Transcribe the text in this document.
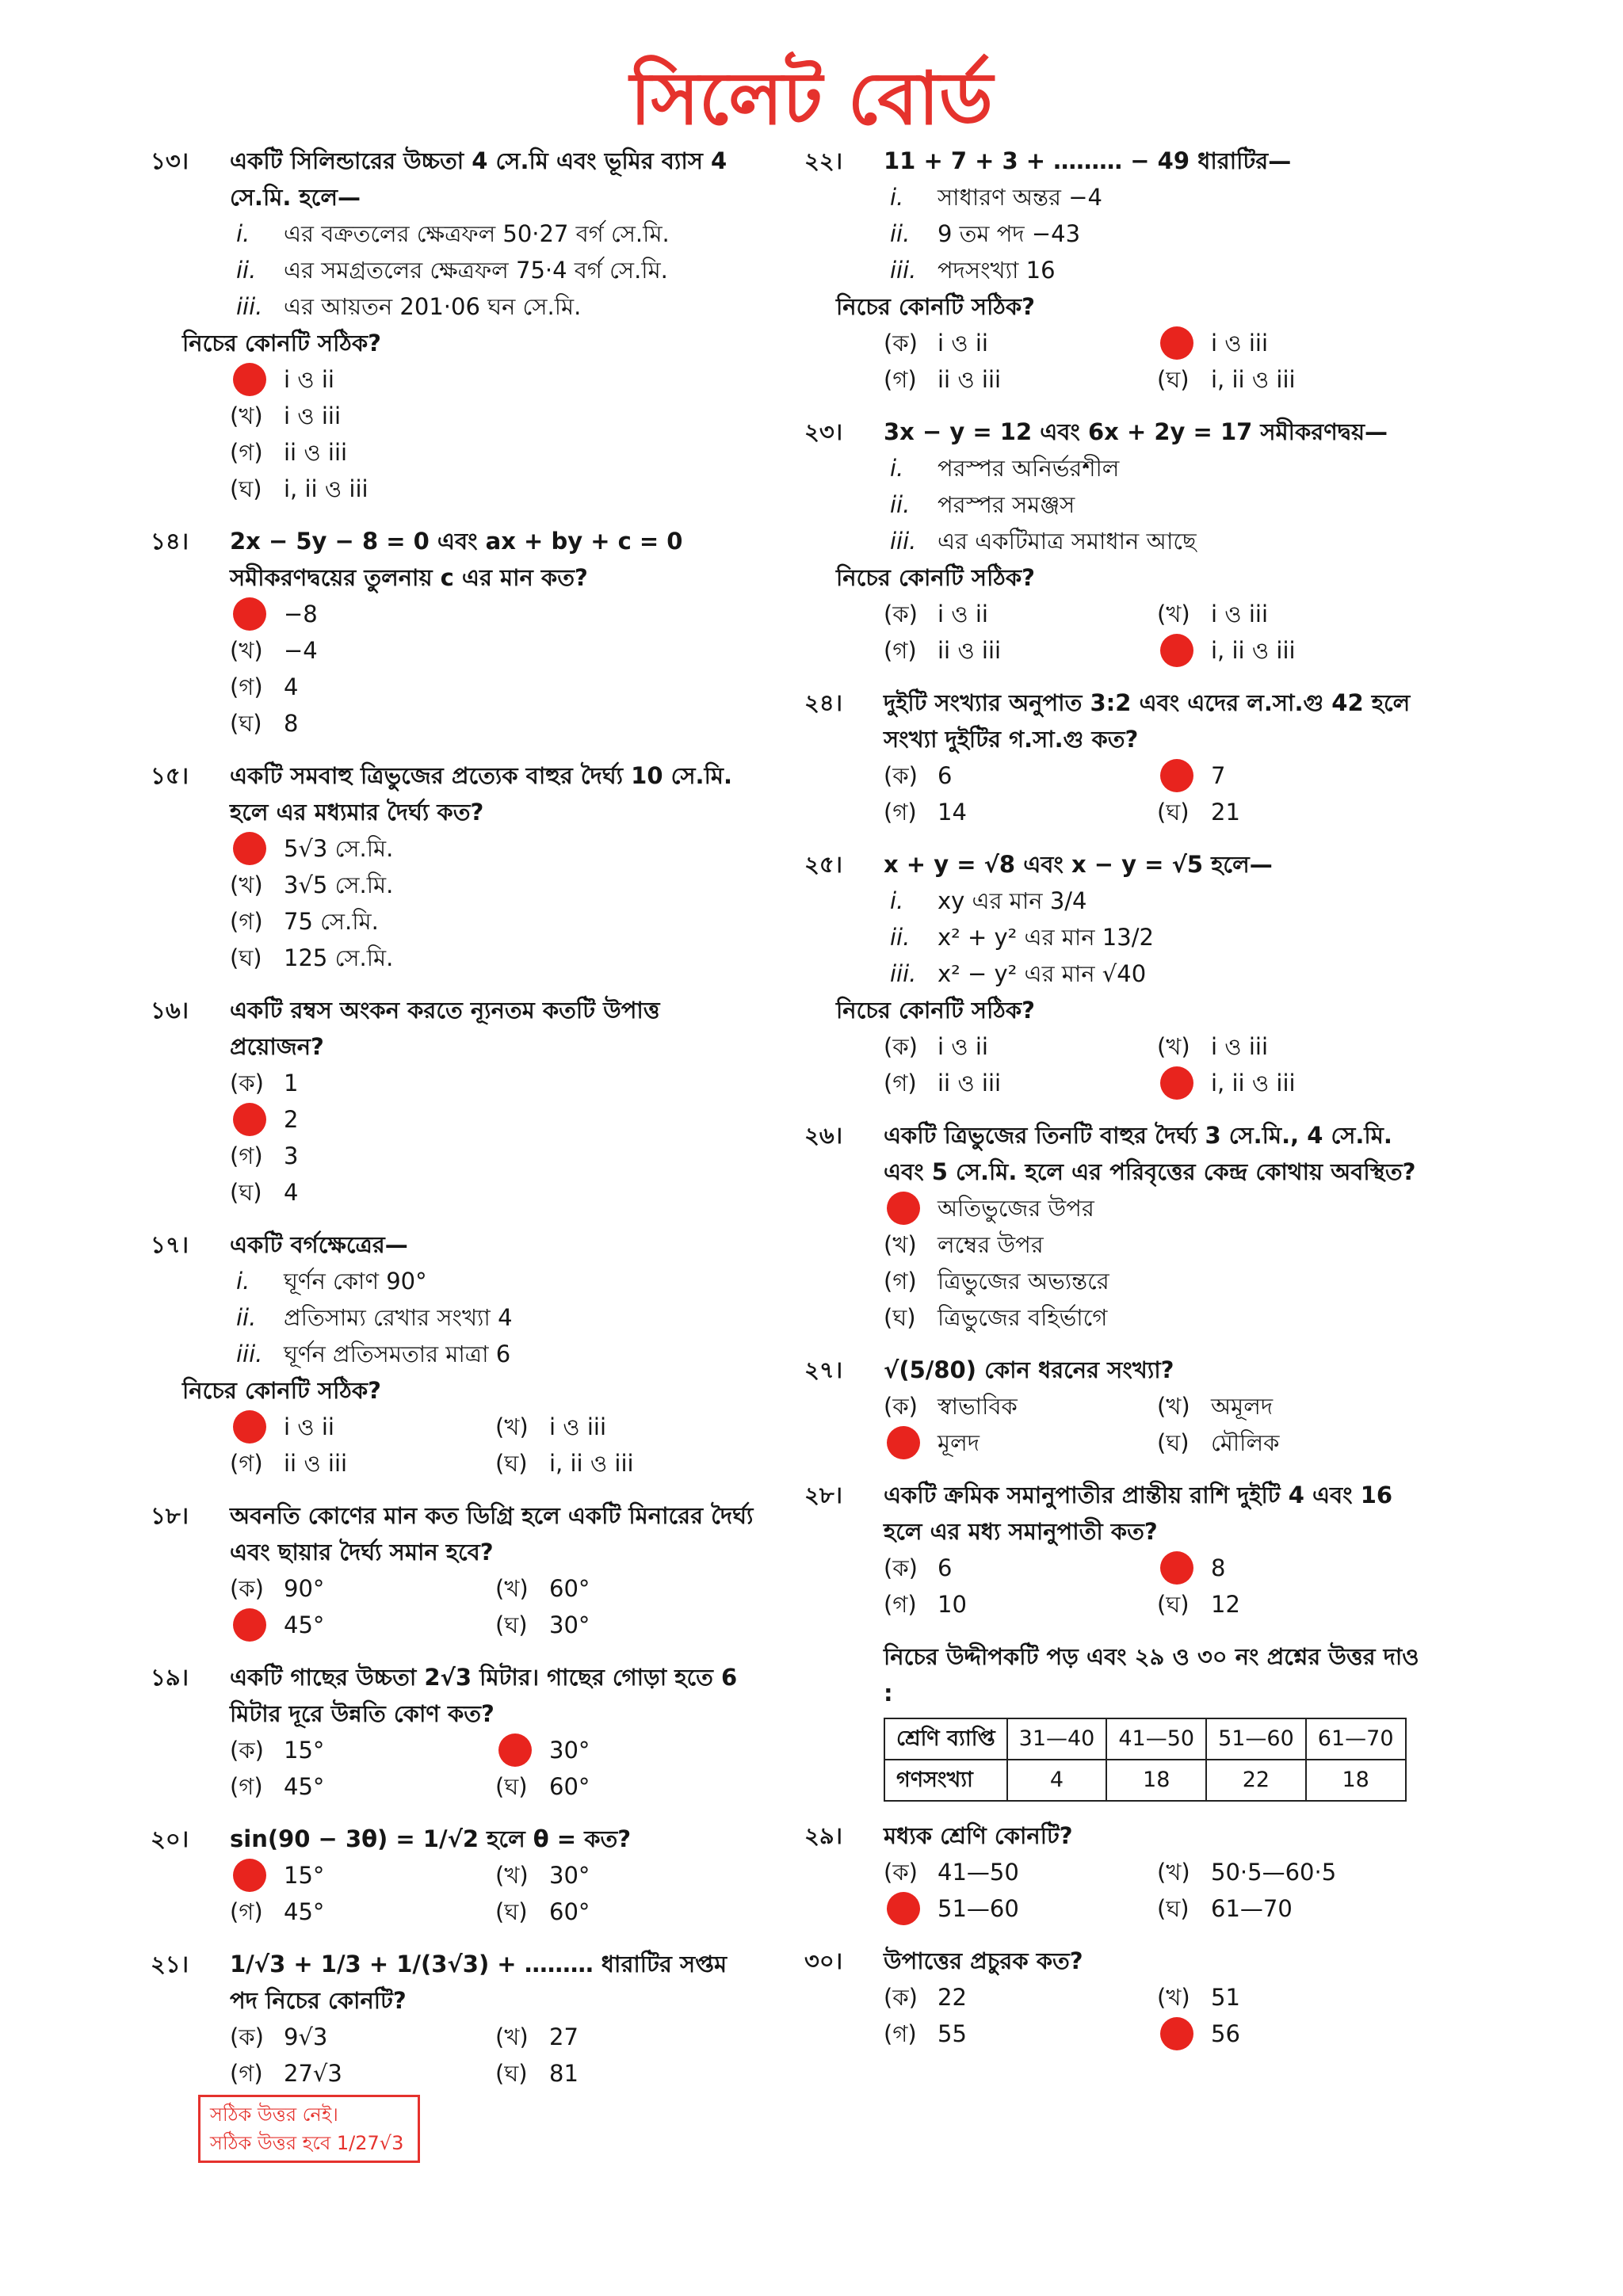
সিলেট বোর্ড
১৩।	একটি সিলিন্ডারের উচ্চতা 4 সে.মি এবং ভূমির ব্যাস 4 সে.মি. হলে—
i.	এর বক্রতলের ক্ষেত্রফল 50·27 বর্গ সে.মি.
ii.	এর সমগ্রতলের ক্ষেত্রফল 75·4 বর্গ সে.মি.
iii. এর আয়তন 201·06 ঘন সে.মি.
নিচের কোনটি সঠিক?
i ও ii
(খ) i ও iii
(গ) ii ও iii
(ঘ) i, ii ও iii
১৪।	2x − 5y − 8 = 0 এবং ax + by + c = 0 সমীকরণদ্বয়ের তুলনায় c এর মান কত?
−8
(খ) −4
(গ) 4
(ঘ) 8
১৫।	একটি সমবাহু ত্রিভুজের প্রত্যেক বাহুর দৈর্ঘ্য 10 সে.মি. হলে এর মধ্যমার দৈর্ঘ্য কত?
5√3 সে.মি.
(খ) 3√5 সে.মি.
(গ) 75 সে.মি.
(ঘ) 125 সে.মি.
১৬।	একটি রম্বস অংকন করতে ন্যূনতম কতটি উপাত্ত প্রয়োজন?
(ক) 1
2
(গ) 3
(ঘ) 4
১৭।	একটি বর্গক্ষেত্রের—
i.	ঘূর্ণন কোণ 90°
ii.	প্রতিসাম্য রেখার সংখ্যা 4
iii. ঘূর্ণন প্রতিসমতার মাত্রা 6
নিচের কোনটি সঠিক?
i ও ii	(খ) i ও iii
(গ) ii ও iii	(ঘ) i, ii ও iii
১৮।	অবনতি কোণের মান কত ডিগ্রি হলে একটি মিনারের দৈর্ঘ্য এবং ছায়ার দৈর্ঘ্য সমান হবে?
(ক) 90°	(খ) 60°
45°	(ঘ) 30°
১৯।	একটি গাছের উচ্চতা 2√3 মিটার। গাছের গোড়া হতে 6 মিটার দূরে উন্নতি কোণ কত?
(ক) 15°	30°
(গ) 45°	(ঘ) 60°
২০।	sin(90 − 3θ) = 1/√2 হলে θ = কত?
15°	(খ) 30°
(গ) 45°	(ঘ) 60°
২১।	1/√3 + 1/3 + 1/(3√3) + ……… ধারাটির সপ্তম পদ নিচের কোনটি?
(ক) 9√3	(খ) 27
(গ) 27√3	(ঘ) 81
সঠিক উত্তর নেই।
সঠিক উত্তর হবে 1/27√3
২২।	11 + 7 + 3 + ……… − 49 ধারাটির—
i.	সাধারণ অন্তর −4
ii.	9 তম পদ −43
iii. পদসংখ্যা 16
নিচের কোনটি সঠিক?
(ক) i ও ii	i ও iii
(গ) ii ও iii	(ঘ) i, ii ও iii
২৩।	3x − y = 12 এবং 6x + 2y = 17 সমীকরণদ্বয়—
i.	পরস্পর অনির্ভরশীল
ii.	পরস্পর সমঞ্জস
iii. এর একটিমাত্র সমাধান আছে
নিচের কোনটি সঠিক?
(ক) i ও ii	(খ) i ও iii
(গ) ii ও iii	i, ii ও iii
২৪।	দুইটি সংখ্যার অনুপাত 3:2 এবং এদের ল.সা.গু 42 হলে সংখ্যা দুইটির গ.সা.গু কত?
(ক) 6	7
(গ) 14	(ঘ) 21
২৫।	x + y = √8 এবং x − y = √5 হলে—
i.	xy এর মান 3/4
ii.	x² + y² এর মান 13/2
iii. x² − y² এর মান √40
নিচের কোনটি সঠিক?
(ক) i ও ii	(খ) i ও iii
(গ) ii ও iii	i, ii ও iii
২৬।	একটি ত্রিভুজের তিনটি বাহুর দৈর্ঘ্য 3 সে.মি., 4 সে.মি. এবং 5 সে.মি. হলে এর পরিবৃত্তের কেন্দ্র কোথায় অবস্থিত?
অতিভুজের উপর
(খ) লম্বের উপর
(গ) ত্রিভুজের অভ্যন্তরে
(ঘ) ত্রিভুজের বহির্ভাগে
২৭।	√(5/80) কোন ধরনের সংখ্যা?
(ক) স্বাভাবিক	(খ) অমূলদ
মূলদ	(ঘ) মৌলিক
২৮।	একটি ক্রমিক সমানুপাতীর প্রান্তীয় রাশি দুইটি 4 এবং 16 হলে এর মধ্য সমানুপাতী কত?
(ক) 6	8
(গ) 10	(ঘ) 12
নিচের উদ্দীপকটি পড় এবং ২৯ ও ৩০ নং প্রশ্নের উত্তর দাও :
শ্রেণি ব্যাপ্তি	31—40	41—50	51—60	61—70
গণসংখ্যা	4	18	22	18
২৯।	মধ্যক শ্রেণি কোনটি?
(ক) 41—50	(খ) 50·5—60·5
51—60	(ঘ) 61—70
৩০।	উপাত্তের প্রচুরক কত?
(ক) 22	(খ) 51
(গ) 55	56
